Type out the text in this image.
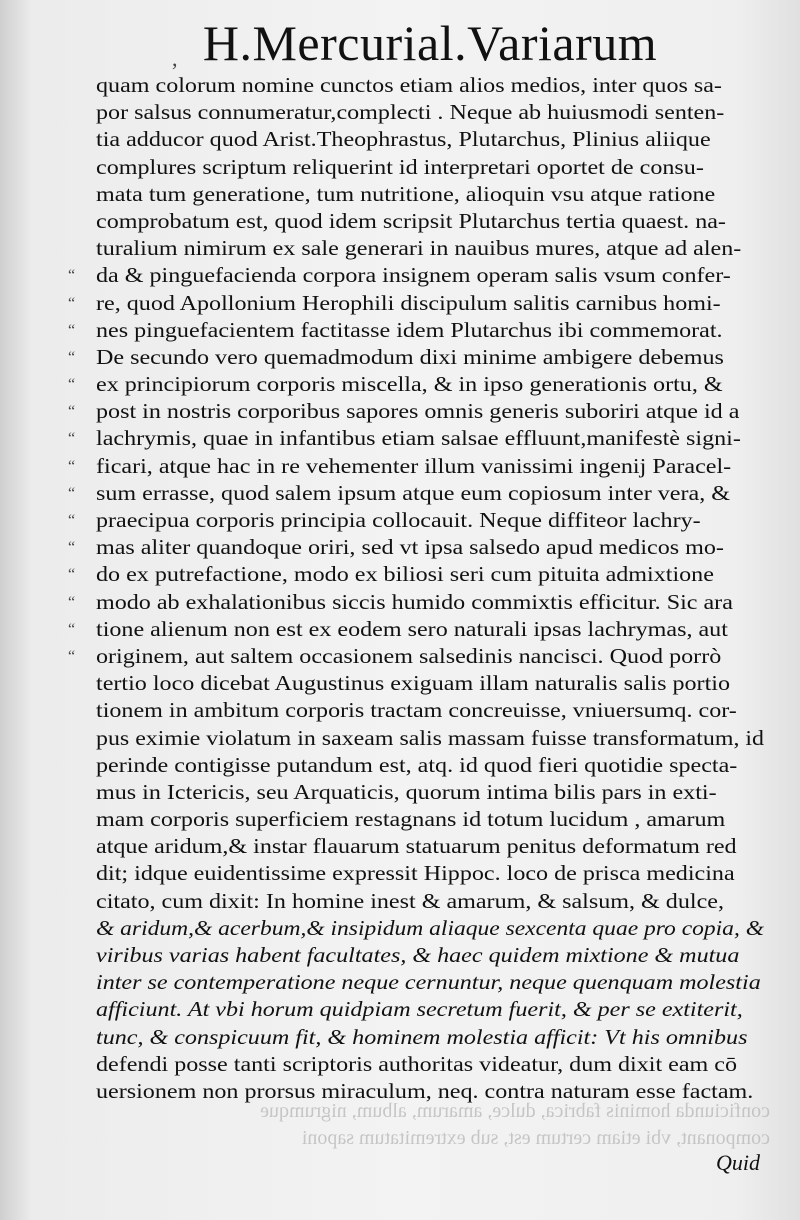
, H.Mercurial.Variarum
quam colorum nomine cunctos etiam alios medios, inter quos sa-
por salsus connumeratur,complecti . Neque ab huiusmodi senten-
tia adducor quod Arist.Theophrastus, Plutarchus, Plinius aliique
complures scriptum reliquerint id interpretari oportet de consu-
mata tum generatione, tum nutritione, alioquin vsu atque ratione
comprobatum est, quod idem scripsit Plutarchus tertia quaest. na-
turalium nimirum ex sale generari in nauibus mures, atque ad alen-
“ da & pinguefacienda corpora insignem operam salis vsum confer-
“ re, quod Apollonium Herophili discipulum salitis carnibus homi-
“ nes pinguefacientem factitasse idem Plutarchus ibi commemorat.
“ De secundo vero quemadmodum dixi minime ambigere debemus
“ ex principiorum corporis miscella, & in ipso generationis ortu, &
“ post in nostris corporibus sapores omnis generis suboriri atque id a
“ lachrymis, quae in infantibus etiam salsae effluunt,manifestè signi-
“ ficari, atque hac in re vehementer illum vanissimi ingenij Paracel-
“ sum errasse, quod salem ipsum atque eum copiosum inter vera, &
“ praecipua corporis principia collocauit. Neque diffiteor lachry-
“ mas aliter quandoque oriri, sed vt ipsa salsedo apud medicos mo-
“ do ex putrefactione, modo ex biliosi seri cum pituita admixtione
“ modo ab exhalationibus siccis humido commixtis efficitur. Sic ara
“ tione alienum non est ex eodem sero naturali ipsas lachrymas, aut
“ originem, aut saltem occasionem salsedinis nancisci. Quod porrò
tertio loco dicebat Augustinus exiguam illam naturalis salis portio
tionem in ambitum corporis tractam concreuisse, vniuersumq. cor-
pus eximie violatum in saxeam salis massam fuisse transformatum, id
perinde contigisse putandum est, atq. id quod fieri quotidie specta-
mus in Ictericis, seu Arquaticis, quorum intima bilis pars in exti-
mam corporis superficiem restagnans id totum lucidum , amarum
atque aridum,& instar flauarum statuarum penitus deformatum red
dit; idque euidentissime expressit Hippoc. loco de prisca medicina
citato, cum dixit: In homine inest & amarum, & salsum, & dulce,
& aridum,& acerbum,& insipidum aliaque sexcenta quae pro copia, &
viribus varias habent facultates, & haec quidem mixtione & mutua
inter se contemperatione neque cernuntur, neque quenquam molestia
afficiunt. At vbi horum quidpiam secretum fuerit, & per se extiterit,
tunc, & conspicuum fit, & hominem molestia afficit: Vt his omnibus
defendi posse tanti scriptoris authoritas videatur, dum dixit eam cō
uersionem non prorsus miraculum, neq. contra naturam esse factam.
conficiunda hominis fabrica, dulce, amarum, album, nigrumque
componant, vbi etiam certum est, sub extremitatum saponi
Quid
